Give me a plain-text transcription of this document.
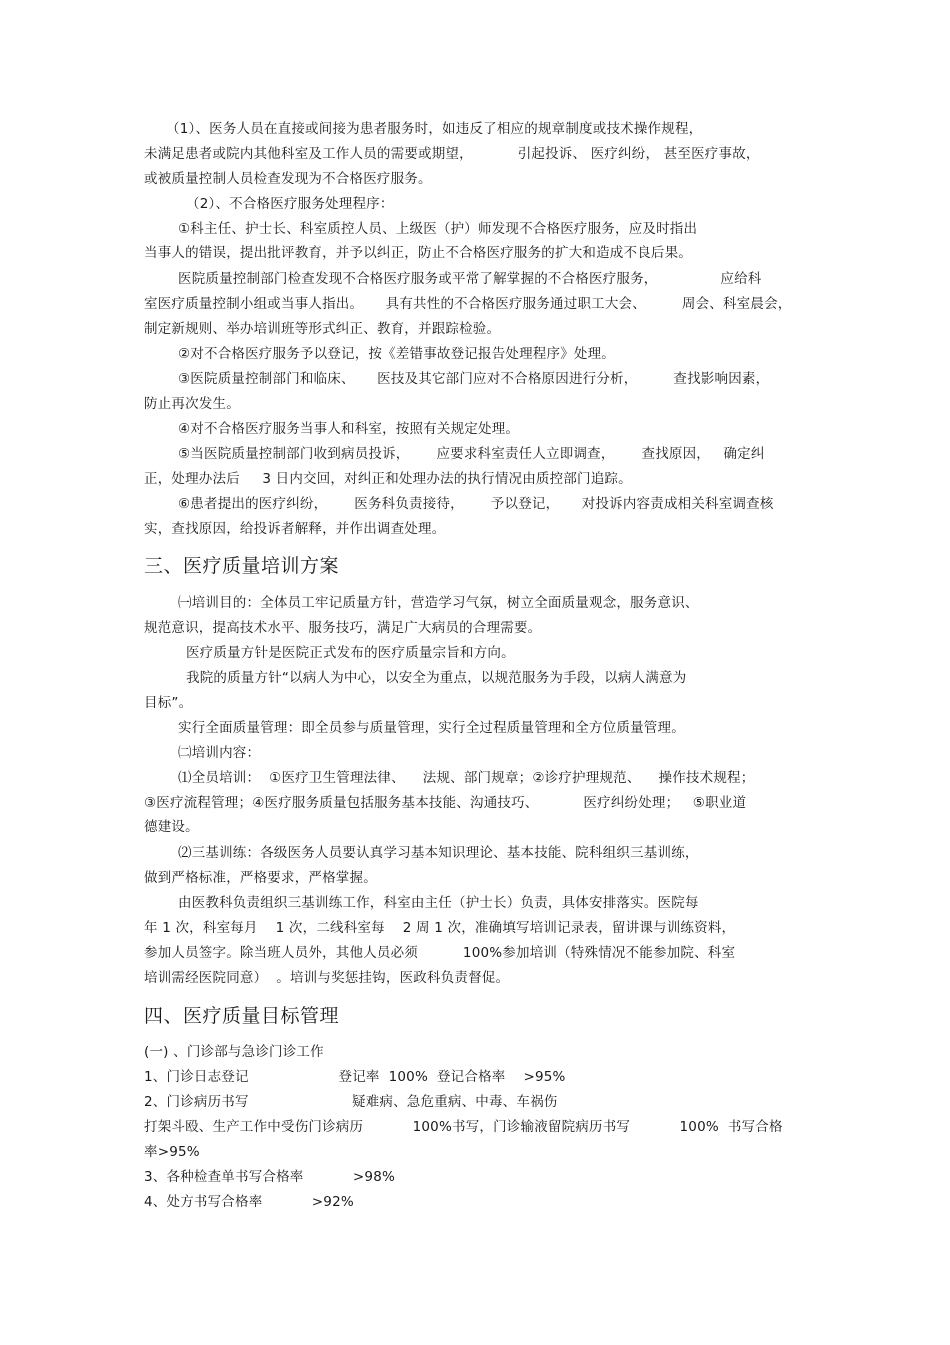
（1）、医务人员在直接或间接为患者服务时，如违反了相应的规章制度或技术操作规程，
未满足患者或院内其他科室及工作人员的需要或期望，          引起投诉、 医疗纠纷， 甚至医疗事故，
或被质量控制人员检查发现为不合格医疗服务。
（2）、不合格医疗服务处理程序：
①科主任、护士长、科室质控人员、上级医（护）师发现不合格医疗服务，应及时指出
当事人的错误，提出批评教育，并予以纠正，防止不合格医疗服务的扩大和造成不良后果。
医院质量控制部门检查发现不合格医疗服务或平常了解掌握的不合格医疗服务，              应给科
室医疗质量控制小组或当事人指出。     具有共性的不合格医疗服务通过职工大会、        周会、科室晨会，
制定新规则、举办培训班等形式纠正、教育，并跟踪检验。
②对不合格医疗服务予以登记，按《差错事故登记报告处理程序》处理。
③医院质量控制部门和临床、     医技及其它部门应对不合格原因进行分析，        查找影响因素，
防止再次发生。
④对不合格医疗服务当事人和科室，按照有关规定处理。
⑤当医院质量控制部门收到病员投诉，      应要求科室责任人立即调查，      查找原因，   确定纠
正，处理办法后     3 日内交回，对纠正和处理办法的执行情况由质控部门追踪。
⑥患者提出的医疗纠纷，      医务科负责接待，      予以登记，     对投诉内容责成相关科室调查核
实，查找原因，给投诉者解释，并作出调查处理。
三、医疗质量培训方案
㈠培训目的：全体员工牢记质量方针，营造学习气氛，树立全面质量观念，服务意识、
规范意识，提高技术水平、服务技巧，满足广大病员的合理需要。
医疗质量方针是医院正式发布的医疗质量宗旨和方向。
我院的质量方针“以病人为中心，以安全为重点，以规范服务为手段，以病人满意为
目标”。
实行全面质量管理：即全员参与质量管理，实行全过程质量管理和全方位质量管理。
㈡培训内容：
⑴全员培训：  ①医疗卫生管理法律、    法规、部门规章；②诊疗护理规范、    操作技术规程；
③医疗流程管理；④医疗服务质量包括服务基本技能、沟通技巧、          医疗纠纷处理；   ⑤职业道
德建设。
⑵三基训练：各级医务人员要认真学习基本知识理论、基本技能、院科组织三基训练，
做到严格标准，严格要求，严格掌握。
由医教科负责组织三基训练工作，科室由主任（护士长）负责，具体安排落实。医院每
年 1 次，科室每月    1 次，二线科室每    2 周 1 次，准确填写培训记录表，留讲课与训练资料，
参加人员签字。除当班人员外，其他人员必须          100%参加培训（特殊情况不能参加院、科室
培训需经医院同意）  。培训与奖惩挂钩，医政科负责督促。
四、医疗质量目标管理
(一) 、门诊部与急诊门诊工作
1、门诊日志登记                    登记率  100%  登记合格率    >95%
2、门诊病历书写                       疑难病、急危重病、中毒、车祸伤
打架斗殴、生产工作中受伤门诊病历           100%书写，门诊输液留院病历书写           100%  书写合格
率>95%
3、各种检查单书写合格率           >98%
4、处方书写合格率           >92%
